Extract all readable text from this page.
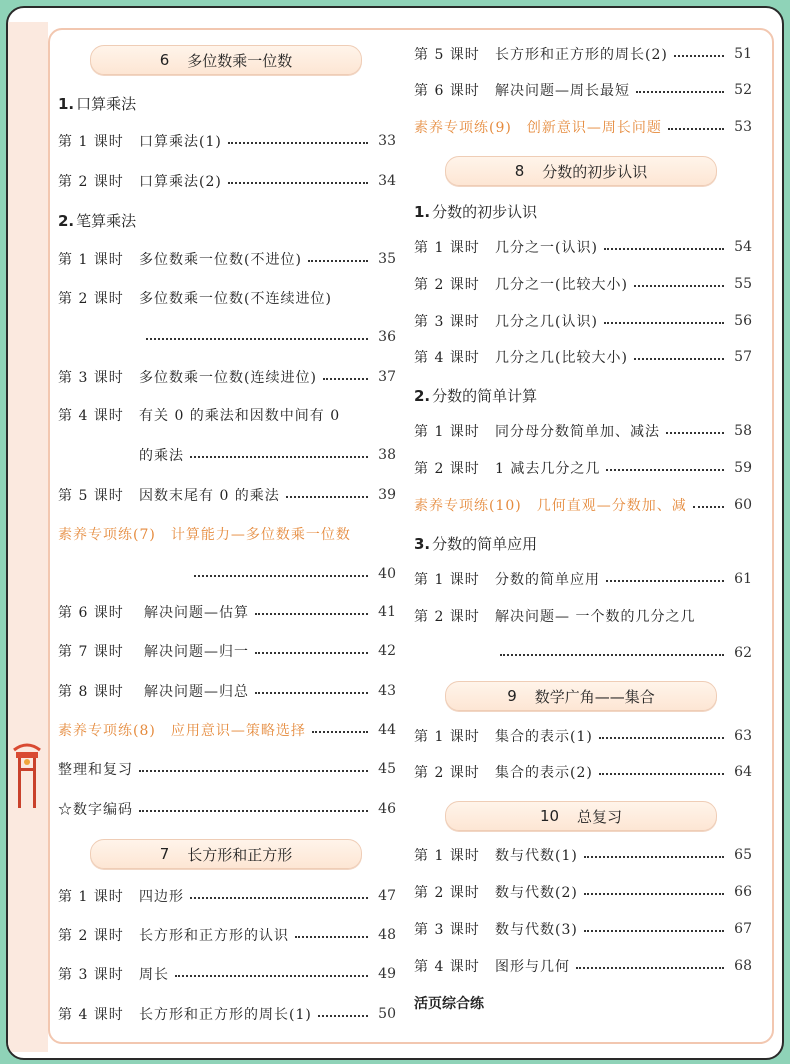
6 多位数乘一位数
1. 口算乘法
第 1 课时	口算乘法(1)	33
第 2 课时	口算乘法(2)	34
2. 笔算乘法
第 1 课时	多位数乘一位数(不进位)	35
第 2 课时	多位数乘一位数(不连续进位)
36
第 3 课时	多位数乘一位数(连续进位)	37
第 4 课时	有关 0 的乘法和因数中间有 0
的乘法	38
第 5 课时	因数末尾有 0 的乘法	39
素养专项练(7)　计算能力—多位数乘一位数
40
第 6 课时	解决问题—估算	41
第 7 课时	解决问题—归一	42
第 8 课时	解决问题—归总	43
素养专项练(8)　应用意识—策略选择	44
整理和复习	45
☆数字编码	46
7 长方形和正方形
第 1 课时	四边形	47
第 2 课时	长方形和正方形的认识	48
第 3 课时	周长	49
第 4 课时	长方形和正方形的周长(1)	50
第 5 课时	长方形和正方形的周长(2)	51
第 6 课时	解决问题—周长最短	52
素养专项练(9)　创新意识—周长问题	53
8 分数的初步认识
1. 分数的初步认识
第 1 课时	几分之一(认识)	54
第 2 课时	几分之一(比较大小)	55
第 3 课时	几分之几(认识)	56
第 4 课时	几分之几(比较大小)	57
2. 分数的简单计算
第 1 课时	同分母分数简单加、减法	58
第 2 课时	1 减去几分之几	59
素养专项练(10)　几何直观—分数加、减	60
3. 分数的简单应用
第 1 课时	分数的简单应用	61
第 2 课时	解决问题— 一个数的几分之几
62
9 数学广角——集合
第 1 课时	集合的表示(1)	63
第 2 课时	集合的表示(2)	64
10 总复习
第 1 课时	数与代数(1)	65
第 2 课时	数与代数(2)	66
第 3 课时	数与代数(3)	67
第 4 课时	图形与几何	68
活页综合练
